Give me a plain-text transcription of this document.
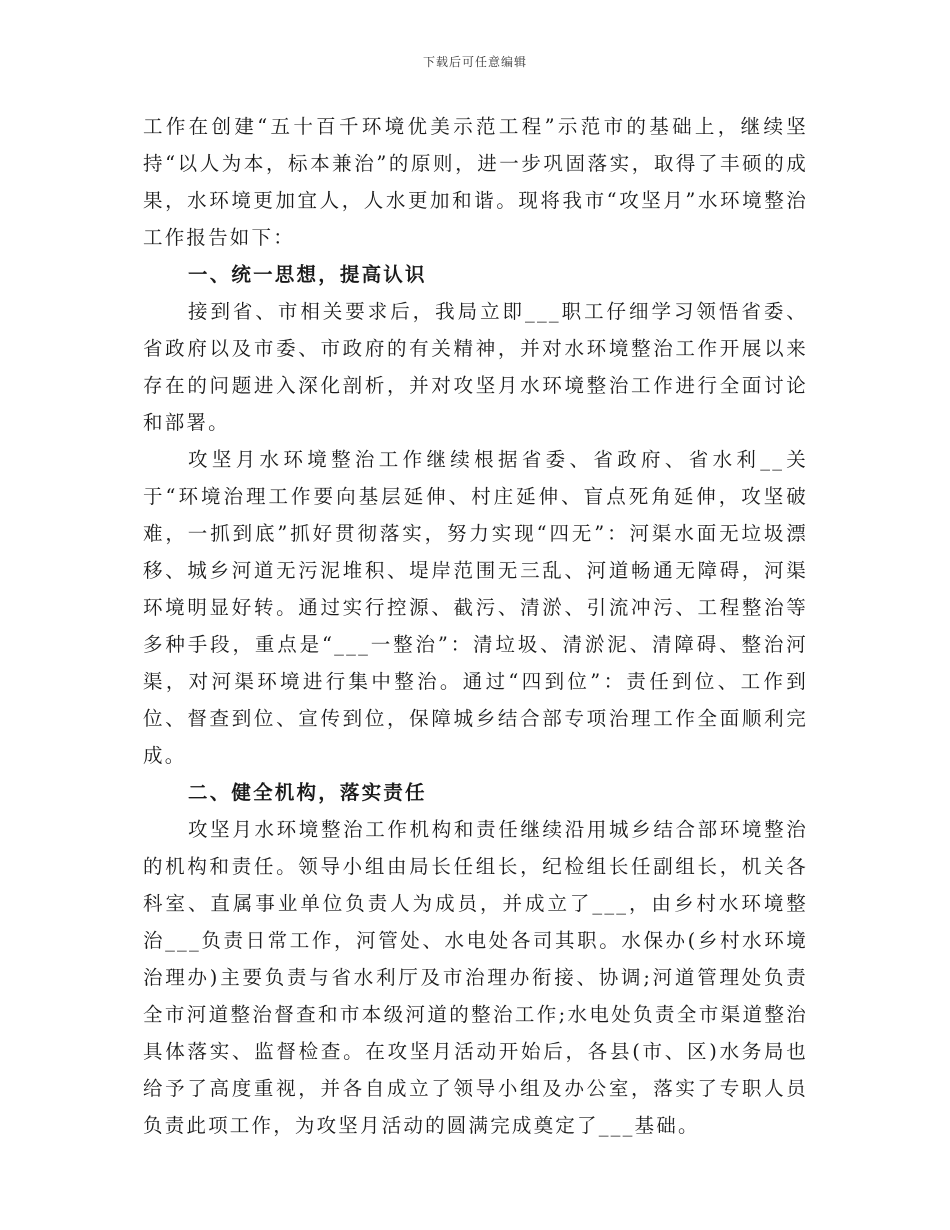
下载后可任意编辑

工作在创建“五十百千环境优美示范工程”示范市的基础上，继续坚持“以人为本，标本兼治”的原则，进一步巩固落实，取得了丰硕的成果，水环境更加宜人，人水更加和谐。现将我市“攻坚月”水环境整治工作报告如下：

一、统一思想，提高认识

接到省、市相关要求后，我局立即___职工仔细学习领悟省委、省政府以及市委、市政府的有关精神，并对水环境整治工作开展以来存在的问题进入深化剖析，并对攻坚月水环境整治工作进行全面讨论和部署。

攻坚月水环境整治工作继续根据省委、省政府、省水利__关于“环境治理工作要向基层延伸、村庄延伸、盲点死角延伸，攻坚破难，一抓到底”抓好贯彻落实，努力实现“四无”：河渠水面无垃圾漂移、城乡河道无污泥堆积、堤岸范围无三乱、河道畅通无障碍，河渠环境明显好转。通过实行控源、截污、清淤、引流冲污、工程整治等多种手段，重点是“___一整治”：清垃圾、清淤泥、清障碍、整治河渠，对河渠环境进行集中整治。通过“四到位”：责任到位、工作到位、督查到位、宣传到位，保障城乡结合部专项治理工作全面顺利完成。

二、健全机构，落实责任

攻坚月水环境整治工作机构和责任继续沿用城乡结合部环境整治的机构和责任。领导小组由局长任组长，纪检组长任副组长，机关各科室、直属事业单位负责人为成员，并成立了___，由乡村水环境整治___负责日常工作，河管处、水电处各司其职。水保办(乡村水环境治理办)主要负责与省水利厅及市治理办衔接、协调;河道管理处负责全市河道整治督查和市本级河道的整治工作;水电处负责全市渠道整治具体落实、监督检查。在攻坚月活动开始后，各县(市、区)水务局也给予了高度重视，并各自成立了领导小组及办公室，落实了专职人员负责此项工作，为攻坚月活动的圆满完成奠定了___基础。
